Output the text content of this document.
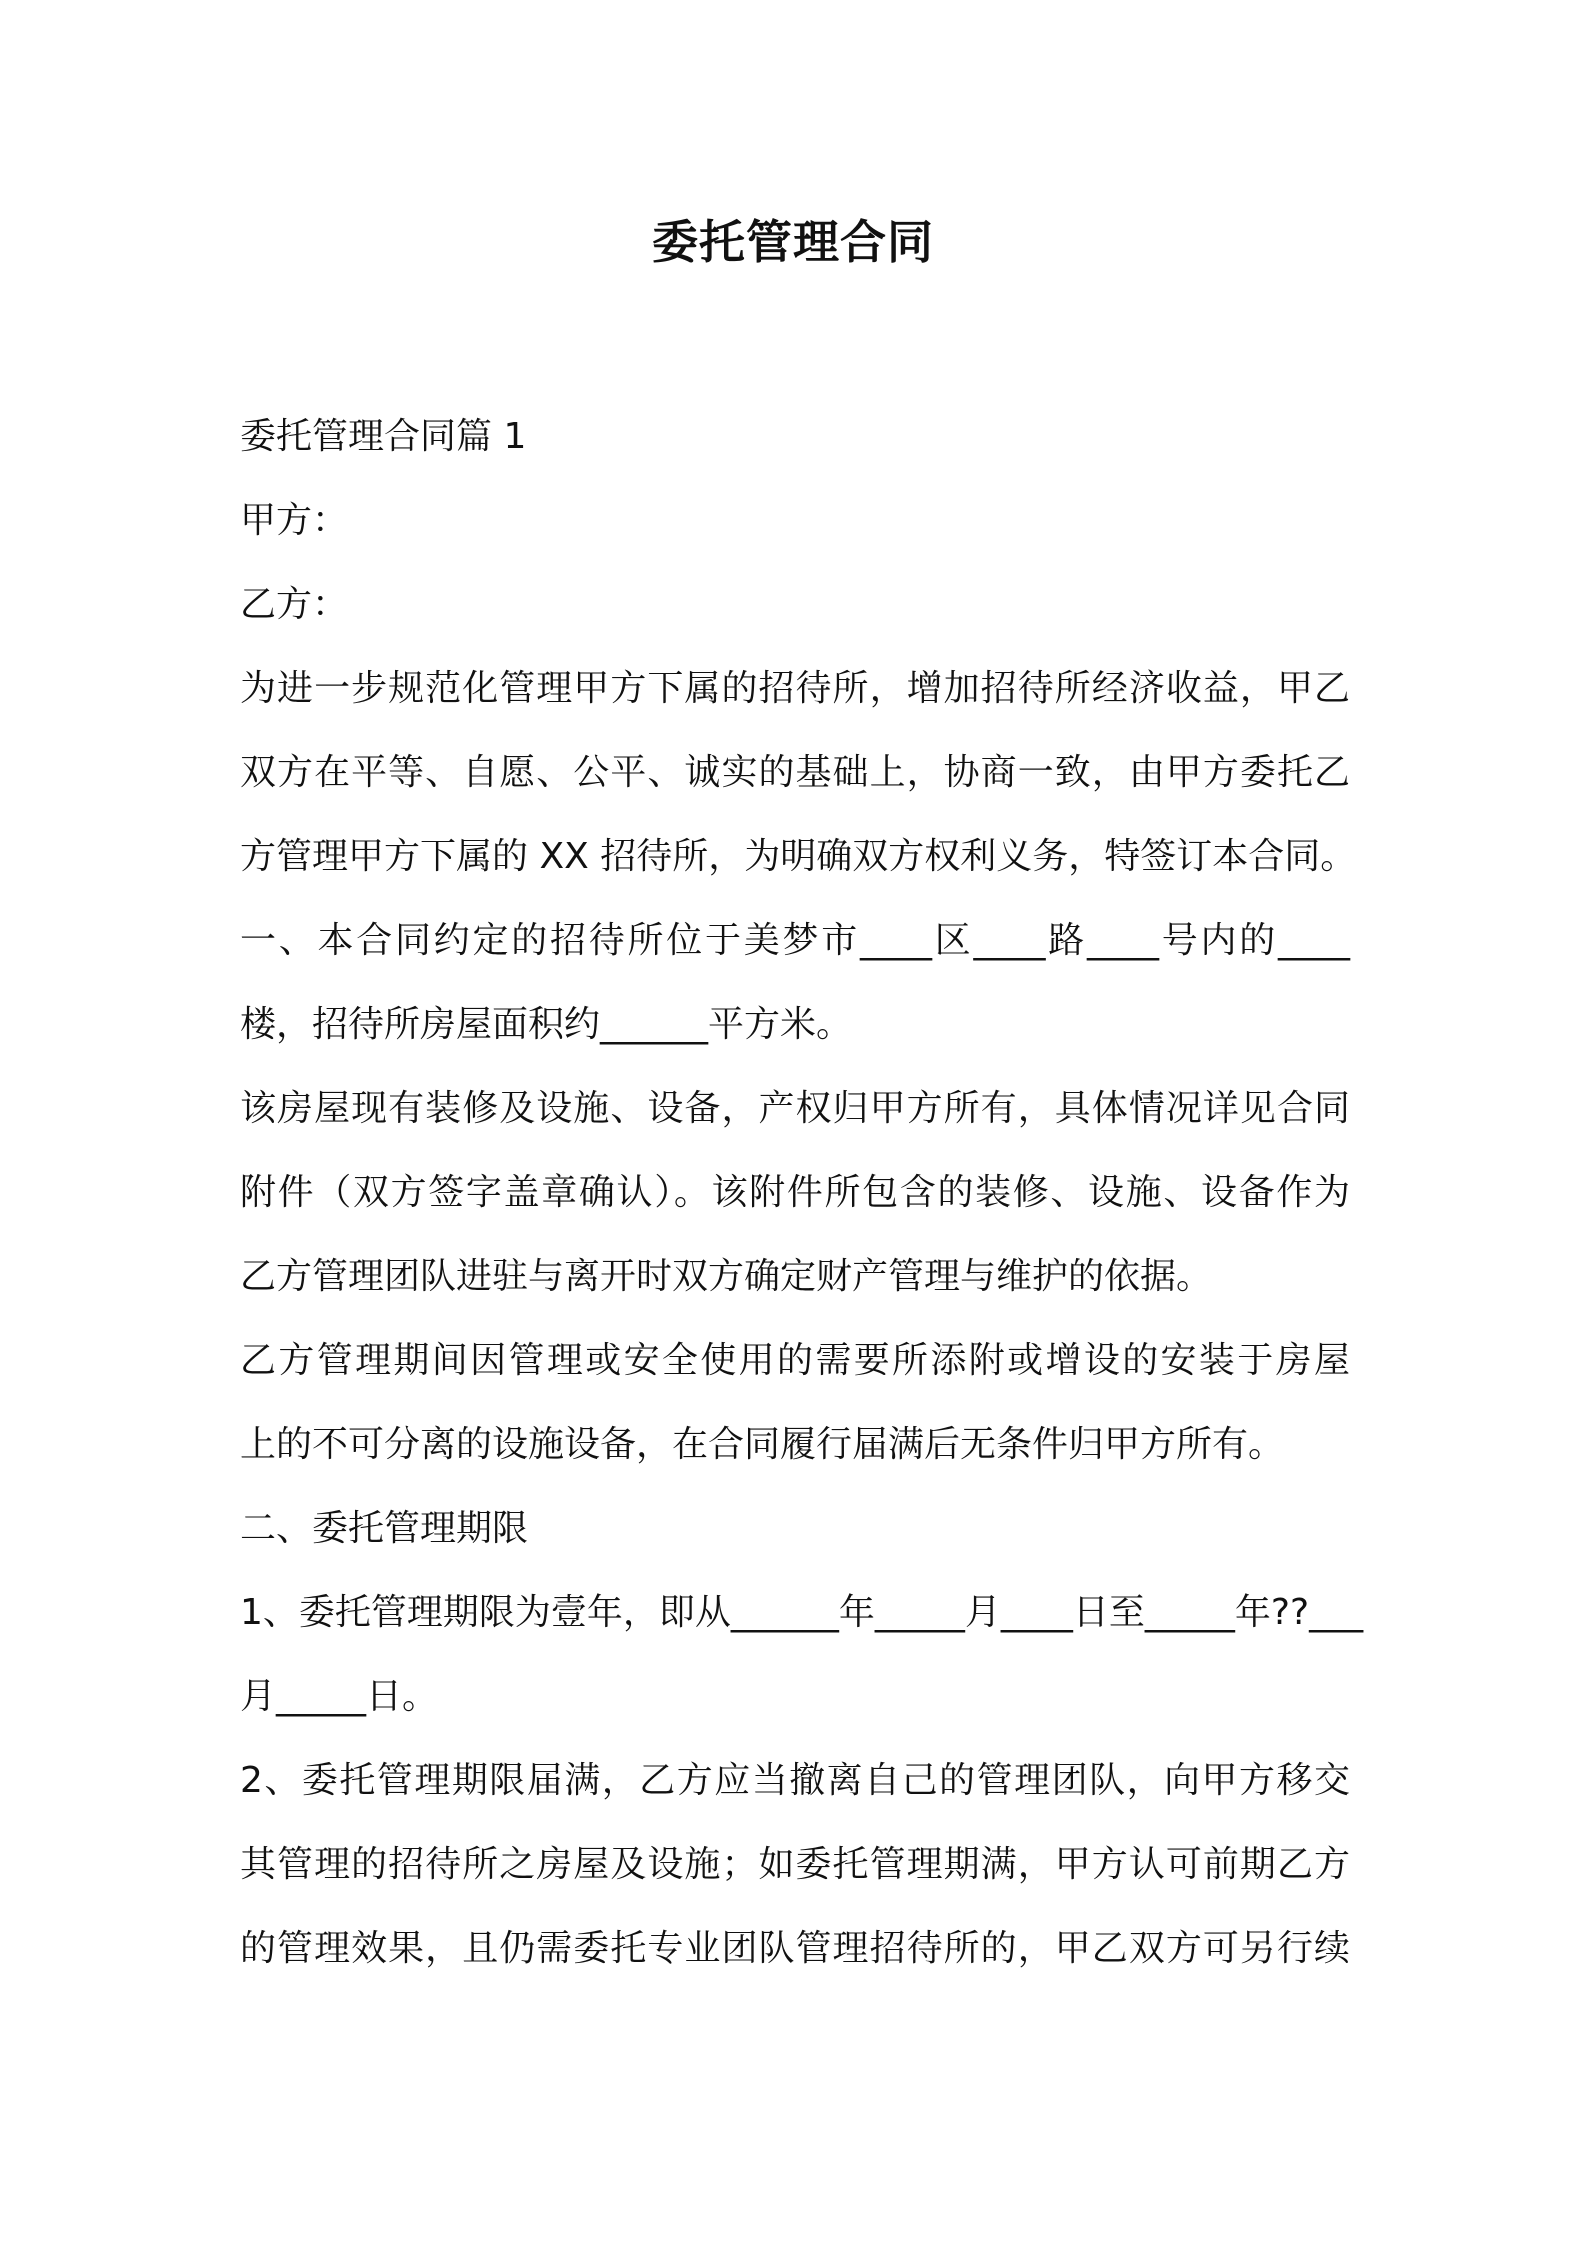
委托管理合同
委托管理合同篇 1
甲方：
乙方：
为进一步规范化管理甲方下属的招待所，增加招待所经济收益，甲乙
双方在平等、自愿、公平、诚实的基础上，协商一致，由甲方委托乙
方管理甲方下属的 XX 招待所，为明确双方权利义务，特签订本合同。
一、本合同约定的招待所位于美梦市____区____路____号内的____
楼，招待所房屋面积约______平方米。
该房屋现有装修及设施、设备，产权归甲方所有，具体情况详见合同
附件（双方签字盖章确认）。该附件所包含的装修、设施、设备作为
乙方管理团队进驻与离开时双方确定财产管理与维护的依据。
乙方管理期间因管理或安全使用的需要所添附或增设的安装于房屋
上的不可分离的设施设备，在合同履行届满后无条件归甲方所有。
二、委托管理期限
1、委托管理期限为壹年，即从______年_____月____日至_____年??___
月_____日。
2、委托管理期限届满，乙方应当撤离自己的管理团队，向甲方移交
其管理的招待所之房屋及设施；如委托管理期满，甲方认可前期乙方
的管理效果，且仍需委托专业团队管理招待所的，甲乙双方可另行续
